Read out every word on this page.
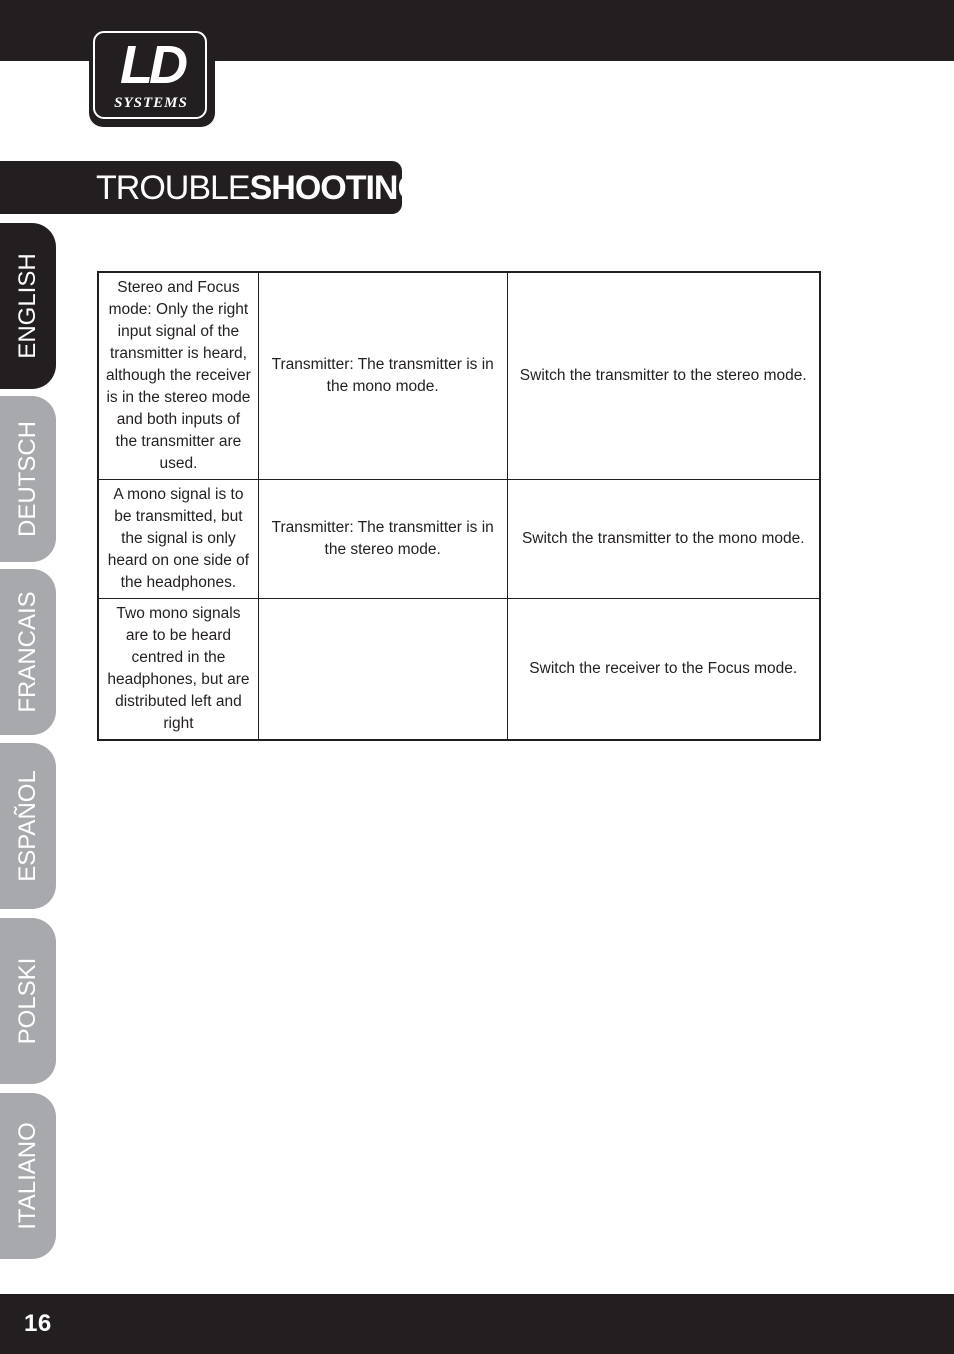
LD
SYSTEMS
TROUBLESHOOTING:
ENGLISH
DEUTSCH
FRANCAIS
ESPAÑOL
POLSKI
ITALIANO
Stereo and Focus mode: Only the right input signal of the transmitter is heard, although the receiver is in the stereo mode and both inputs of the transmitter are used.	Transmitter: The transmitter is in the mono mode.	Switch the transmitter to the stereo mode.
A mono signal is to be transmitted, but the signal is only heard on one side of the headphones.	Transmitter: The transmitter is in the stereo mode.	Switch the transmitter to the mono mode.
Two mono signals are to be heard centred in the headphones, but are distributed left and right		Switch the receiver to the Focus mode.
16
